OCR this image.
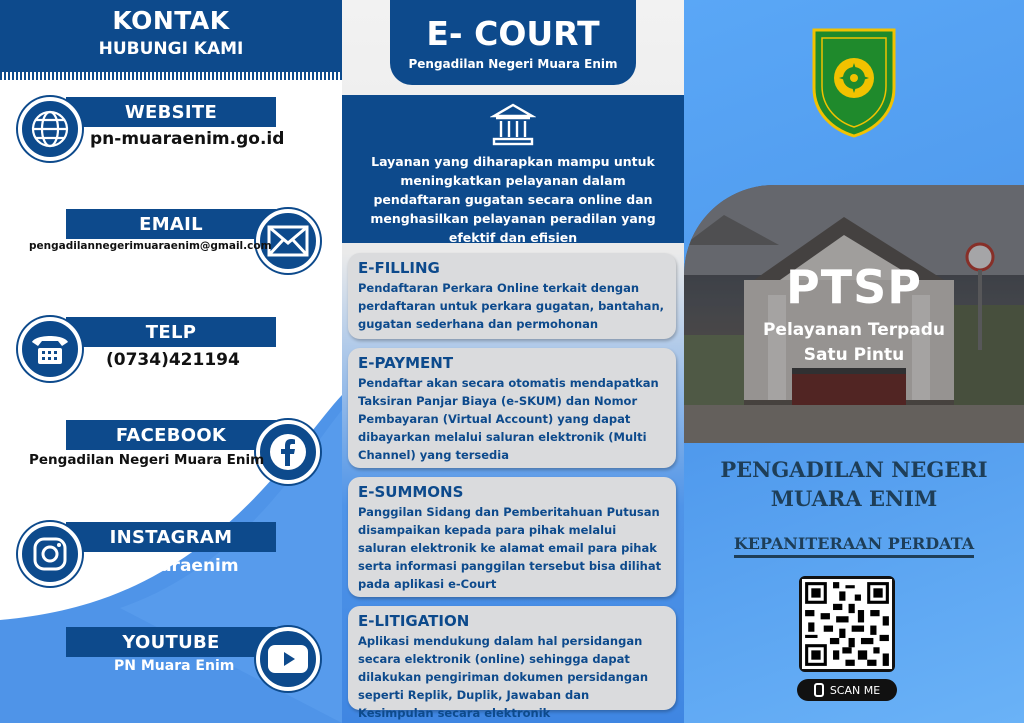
KONTAK
HUBUNGI KAMI
WEBSITE
pn-muaraenim.go.id
EMAIL
pengadilannegerimuaraenim@gmail.com
TELP
(0734)421194
FACEBOOK
Pengadilan Negeri Muara Enim
INSTAGRAM
pnmuaraenim
YOUTUBE
PN Muara Enim
E- COURT
Pengadilan Negeri Muara Enim
Layanan yang diharapkan mampu untuk meningkatkan pelayanan dalam pendaftaran gugatan secara online dan menghasilkan pelayanan peradilan yang efektif dan efisien
E-FILLING
Pendaftaran Perkara Online terkait dengan perdaftaran untuk perkara gugatan, bantahan, gugatan sederhana dan permohonan
E-PAYMENT
Pendaftar akan secara otomatis mendapatkan Taksiran Panjar Biaya (e-SKUM) dan Nomor Pembayaran (Virtual Account) yang dapat dibayarkan melalui saluran elektronik (Multi Channel) yang tersedia
E-SUMMONS
Panggilan Sidang dan Pemberitahuan Putusan disampaikan kepada para pihak melalui saluran elektronik ke alamat email para pihak serta informasi panggilan tersebut bisa dilihat pada aplikasi e-Court
E-LITIGATION
Aplikasi mendukung dalam hal persidangan secara elektronik (online) sehingga dapat dilakukan pengiriman dokumen persidangan seperti Replik, Duplik, Jawaban dan Kesimpulan secara elektronik
PTSP
Pelayanan Terpadu Satu Pintu
PENGADILAN NEGERI MUARA ENIM
KEPANITERAAN PERDATA
SCAN ME
